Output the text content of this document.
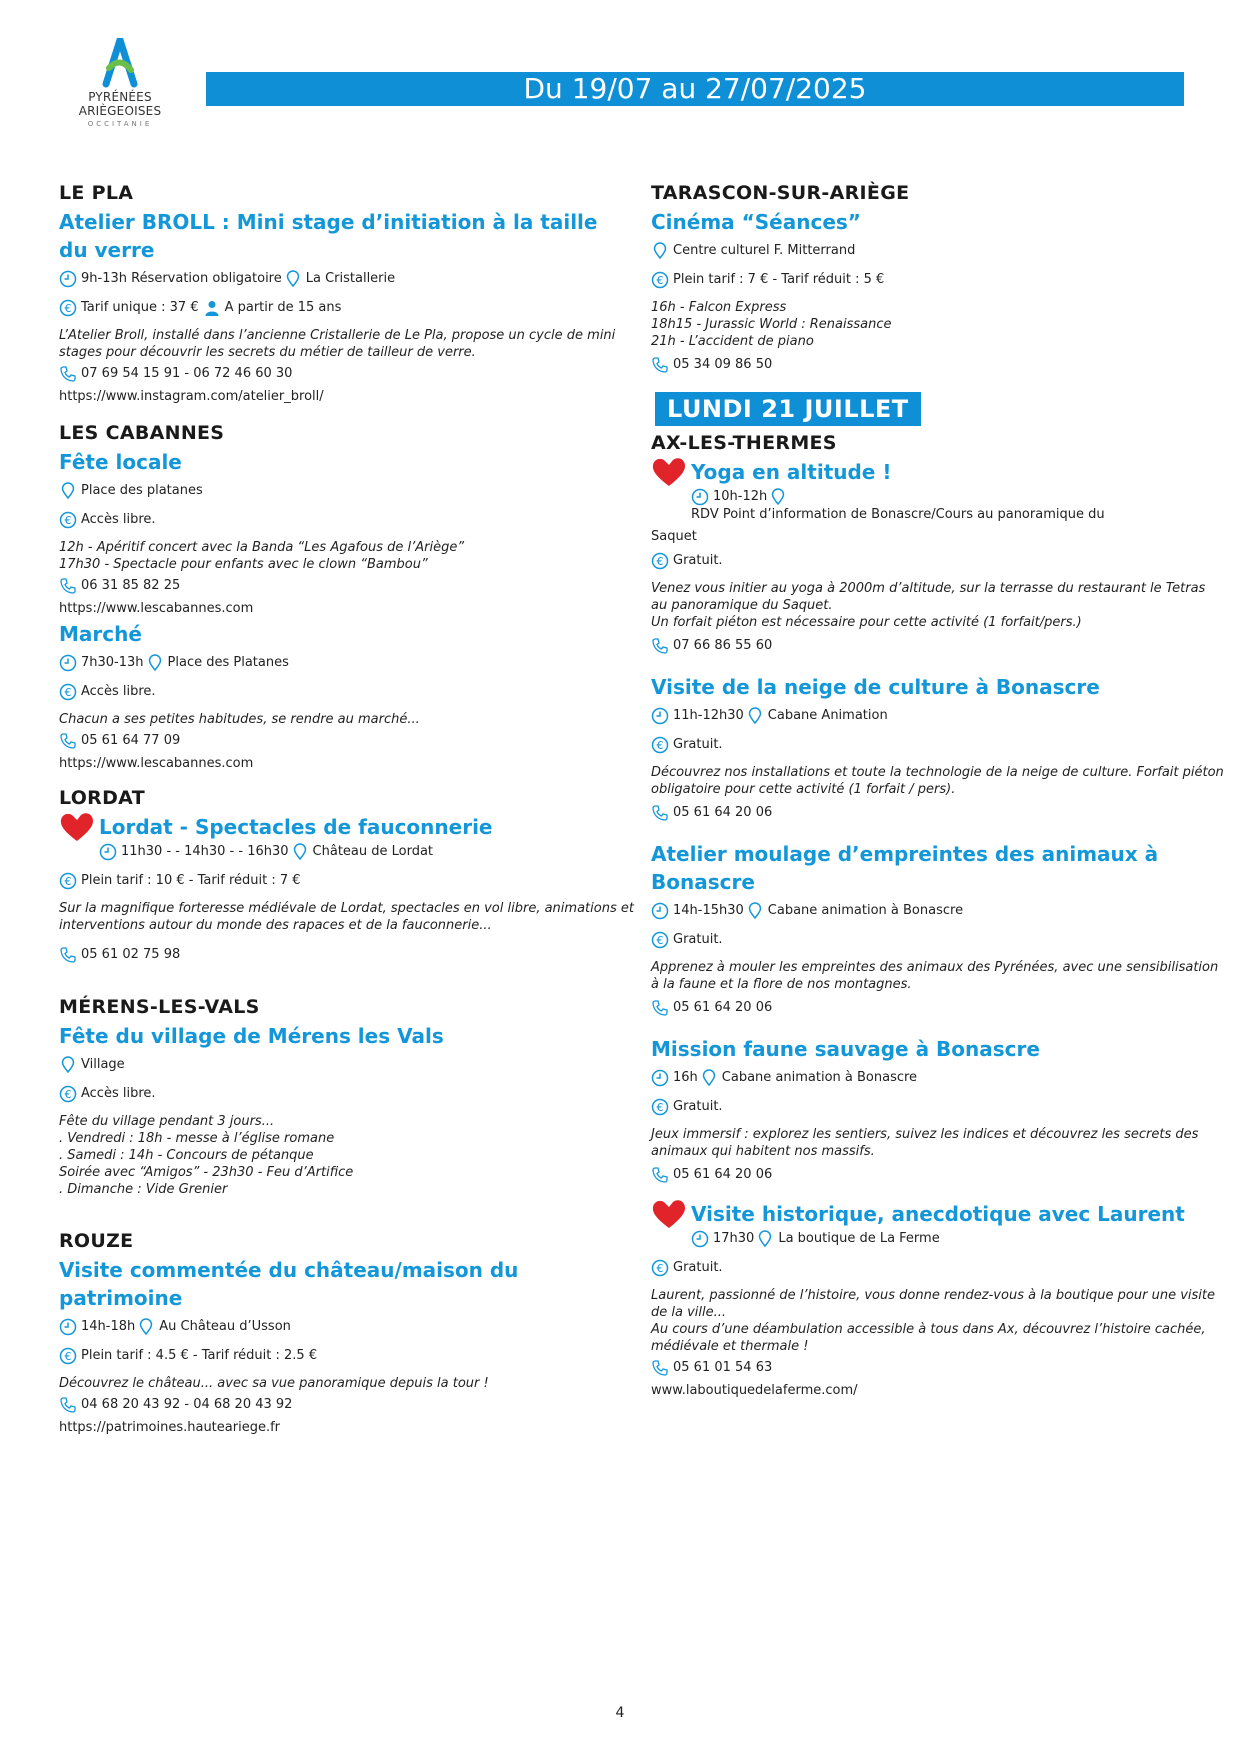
PYRÉNÉES
ARIÈGEOISES
OCCITANIE
Du 19/07 au 27/07/2025
LE PLA
Atelier BROLL : Mini stage d’initiation à la taille du verre
9h-13h Réservation obligatoire La Cristallerie
€ Tarif unique : 37 € A partir de 15 ans
L’Atelier Broll, installé dans l’ancienne Cristallerie de Le Pla, propose un cycle de mini
stages pour découvrir les secrets du métier de tailleur de verre.
07 69 54 15 91 - 06 72 46 60 30
https://www.instagram.com/atelier_broll/
LES CABANNES
Fête locale
Place des platanes
€ Accès libre.
12h - Apéritif concert avec la Banda “Les Agafous de l’Ariège”
17h30 - Spectacle pour enfants avec le clown “Bambou”
06 31 85 82 25
https://www.lescabannes.com
Marché
7h30-13h Place des Platanes
€ Accès libre.
Chacun a ses petites habitudes, se rendre au marché...
05 61 64 77 09
https://www.lescabannes.com
LORDAT
Lordat - Spectacles de fauconnerie
11h30 - - 14h30 - - 16h30 Château de Lordat
€ Plein tarif : 10 € - Tarif réduit : 7 €
Sur la magnifique forteresse médiévale de Lordat, spectacles en vol libre, animations et
interventions autour du monde des rapaces et de la fauconnerie...
05 61 02 75 98
MÉRENS-LES-VALS
Fête du village de Mérens les Vals
Village
€ Accès libre.
Fête du village pendant 3 jours...
. Vendredi : 18h - messe à l’église romane
. Samedi : 14h - Concours de pétanque
Soirée avec “Amigos” - 23h30 - Feu d’Artifice
. Dimanche : Vide Grenier
ROUZE
Visite commentée du château/maison du patrimoine
14h-18h Au Château d’Usson
€ Plein tarif : 4.5 € - Tarif réduit : 2.5 €
Découvrez le château... avec sa vue panoramique depuis la tour !
04 68 20 43 92 - 04 68 20 43 92
https://patrimoines.hauteariege.fr
TARASCON-SUR-ARIÈGE
Cinéma “Séances”
Centre culturel F. Mitterrand
€ Plein tarif : 7 € - Tarif réduit : 5 €
16h - Falcon Express
18h15 - Jurassic World : Renaissance
21h - L’accident de piano
05 34 09 86 50
LUNDI 21 JUILLET
AX-LES-THERMES
Yoga en altitude !
10h-12h
RDV Point d’information de Bonascre/Cours au panoramique du
Saquet
€ Gratuit.
Venez vous initier au yoga à 2000m d’altitude, sur la terrasse du restaurant le Tetras
au panoramique du Saquet.
Un forfait piéton est nécessaire pour cette activité (1 forfait/pers.)
07 66 86 55 60
Visite de la neige de culture à Bonascre
11h-12h30 Cabane Animation
€ Gratuit.
Découvrez nos installations et toute la technologie de la neige de culture. Forfait piéton
obligatoire pour cette activité (1 forfait / pers).
05 61 64 20 06
Atelier moulage d’empreintes des animaux à Bonascre
14h-15h30 Cabane animation à Bonascre
€ Gratuit.
Apprenez à mouler les empreintes des animaux des Pyrénées, avec une sensibilisation
à la faune et la flore de nos montagnes.
05 61 64 20 06
Mission faune sauvage à Bonascre
16h Cabane animation à Bonascre
€ Gratuit.
Jeux immersif : explorez les sentiers, suivez les indices et découvrez les secrets des
animaux qui habitent nos massifs.
05 61 64 20 06
Visite historique, anecdotique avec Laurent
17h30 La boutique de La Ferme
€ Gratuit.
Laurent, passionné de l’histoire, vous donne rendez-vous à la boutique pour une visite
de la ville...
Au cours d’une déambulation accessible à tous dans Ax, découvrez l’histoire cachée,
médiévale et thermale !
05 61 01 54 63
www.laboutiquedelaferme.com/
4
